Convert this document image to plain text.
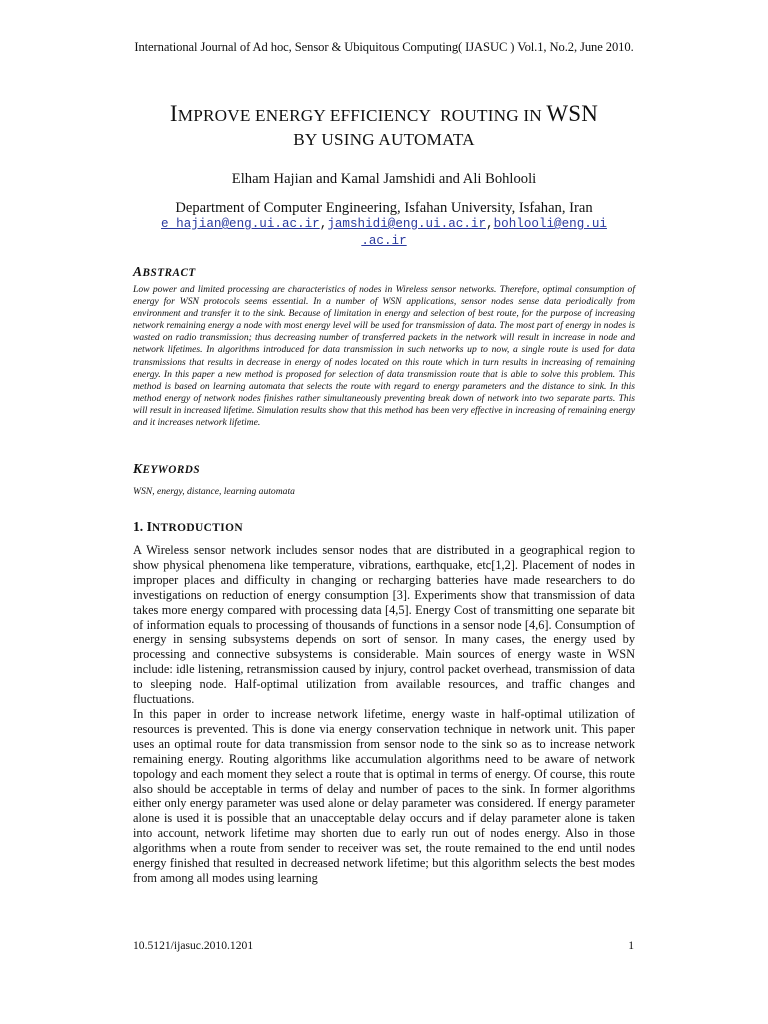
International Journal of Ad hoc, Sensor & Ubiquitous Computing( IJASUC ) Vol.1, No.2, June 2010.
IMPROVE ENERGY EFFICIENCY  ROUTING IN WSN
BY USING AUTOMATA
Elham Hajian and Kamal Jamshidi and Ali Bohlooli
Department of Computer Engineering, Isfahan University, Isfahan, Iran
e_hajian@eng.ui.ac.ir,jamshidi@eng.ui.ac.ir,bohlooli@eng.ui
.ac.ir
ABSTRACT
Low power and limited processing are characteristics of nodes in Wireless sensor networks. Therefore, optimal consumption of energy for WSN protocols seems essential. In a number of WSN applications, sensor nodes sense data periodically from environment and transfer it to the sink. Because of limitation in energy and selection of best route, for the purpose of increasing network remaining energy a node with most energy level will be used for transmission of data. The most part of energy in nodes is wasted on radio transmission; thus decreasing number of transferred packets in the network will result in increase in node and network lifetimes. In algorithms introduced for data transmission in such networks up to now, a single route is used for data transmissions that results in decrease in energy of nodes located on this route which in turn results in increasing of remaining energy. In this paper a new method is proposed for selection of data transmission route that is able to solve this problem. This method is based on learning automata that selects the route with regard to energy parameters and the distance to sink. In this method energy of network nodes finishes rather simultaneously preventing break down of network into two separate parts. This will result in increased lifetime. Simulation results show that this method has been very effective in increasing of remaining energy and it increases network lifetime.
KEYWORDS
WSN, energy, distance, learning automata
1. INTRODUCTION

A Wireless sensor network includes sensor nodes that are distributed in a geographical region to show physical phenomena like temperature, vibrations, earthquake, etc[1,2]. Placement of nodes in improper places and difficulty in changing or recharging batteries have made researchers to do investigations on reduction of energy consumption [3]. Experiments show that transmission of data takes more energy compared with processing data [4,5]. Energy Cost of transmitting one separate bit of information equals to processing of thousands of functions in a sensor node [4,6]. Consumption of energy in sensing subsystems depends on sort of sensor. In many cases, the energy used by processing and connective subsystems is considerable. Main sources of energy waste in WSN include: idle listening, retransmission caused by injury, control packet overhead, transmission of data to sleeping node. Half-optimal utilization from available resources, and traffic changes and fluctuations.

In this paper in order to increase network lifetime, energy waste in half-optimal utilization of resources is prevented. This is done via energy conservation technique in network unit. This paper uses an optimal route for data transmission from sensor node to the sink so as to increase network remaining energy. Routing algorithms like accumulation algorithms need to be aware of network topology and each moment they select a route that is optimal in terms of energy. Of course, this route also should be acceptable in terms of delay and number of paces to the sink. In former algorithms either only energy parameter was used alone or delay parameter was considered. If energy parameter alone is used it is possible that an unacceptable delay occurs and if delay parameter alone is taken into account, network lifetime may shorten due to early run out of nodes energy. Also in those algorithms when a route from sender to receiver was set, the route remained to the end until nodes energy finished that resulted in decreased network lifetime; but this algorithm selects the best modes from among all modes using learning

10.5121/ijasuc.2010.1201	1
